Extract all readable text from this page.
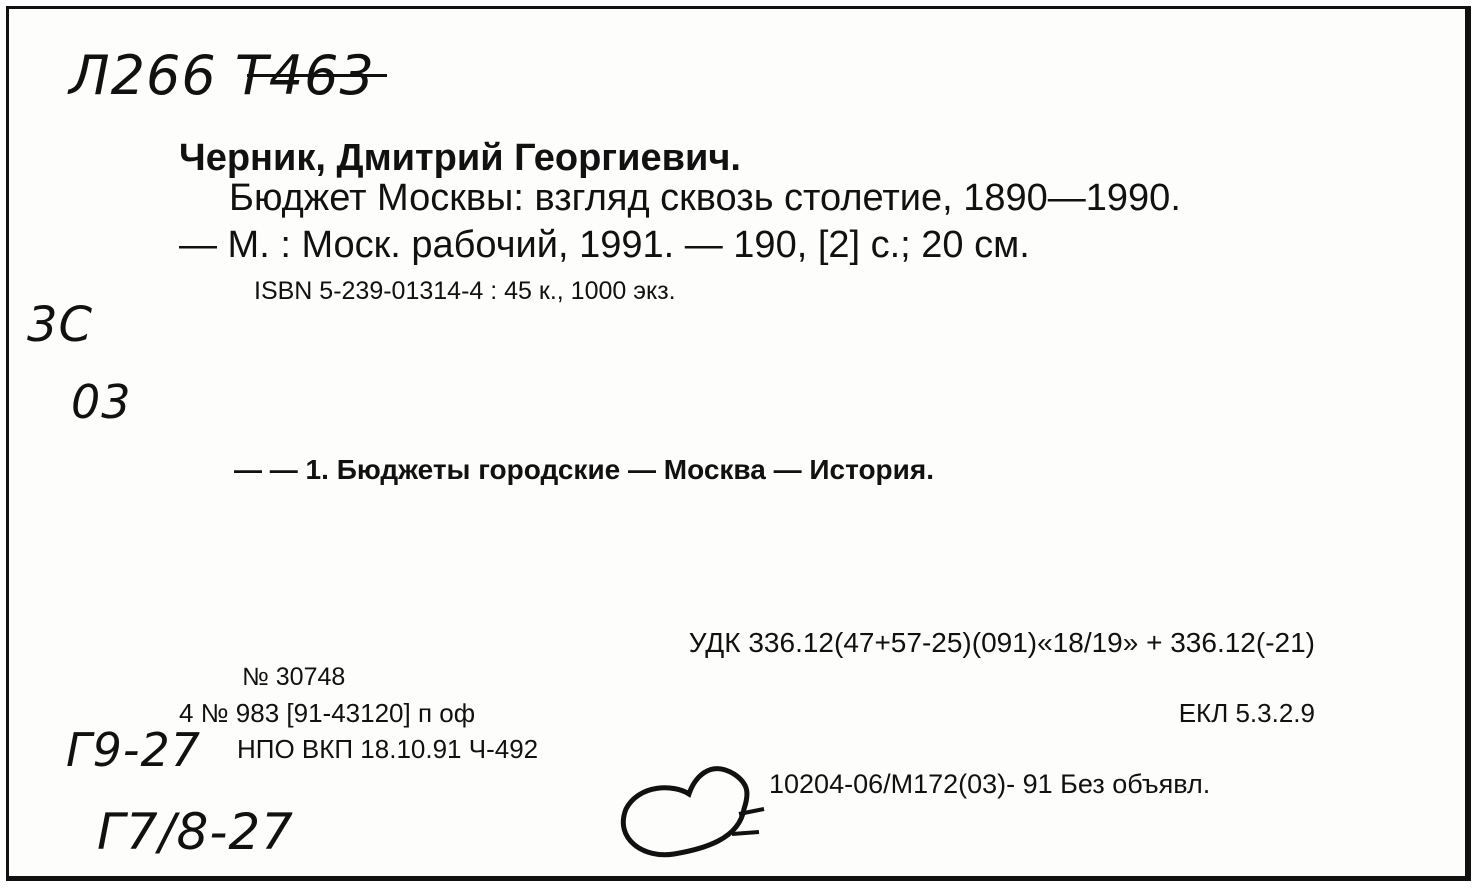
Л266 Т463
Черник, Дмитрий Георгиевич.
Бюджет Москвы: взгляд сквозь столетие, 1890—1990.
— М. : Моск. рабочий, 1991. — 190, [2] с.; 20 см.
ISBN 5-239-01314-4 : 45 к., 1000 экз.
3C
03
— — 1. Бюджеты городские — Москва — История.
УДК 336.12(47+57-25)(091)«18/19» + 336.12(-21)
№ 30748
4 № 983 [91-43120] п оф	ЕКЛ 5.3.2.9
НПО ВКП 18.10.91 Ч-492
10204-06/М172(03)- 91 Без объявл.
Г9-27
Г7/8-27
